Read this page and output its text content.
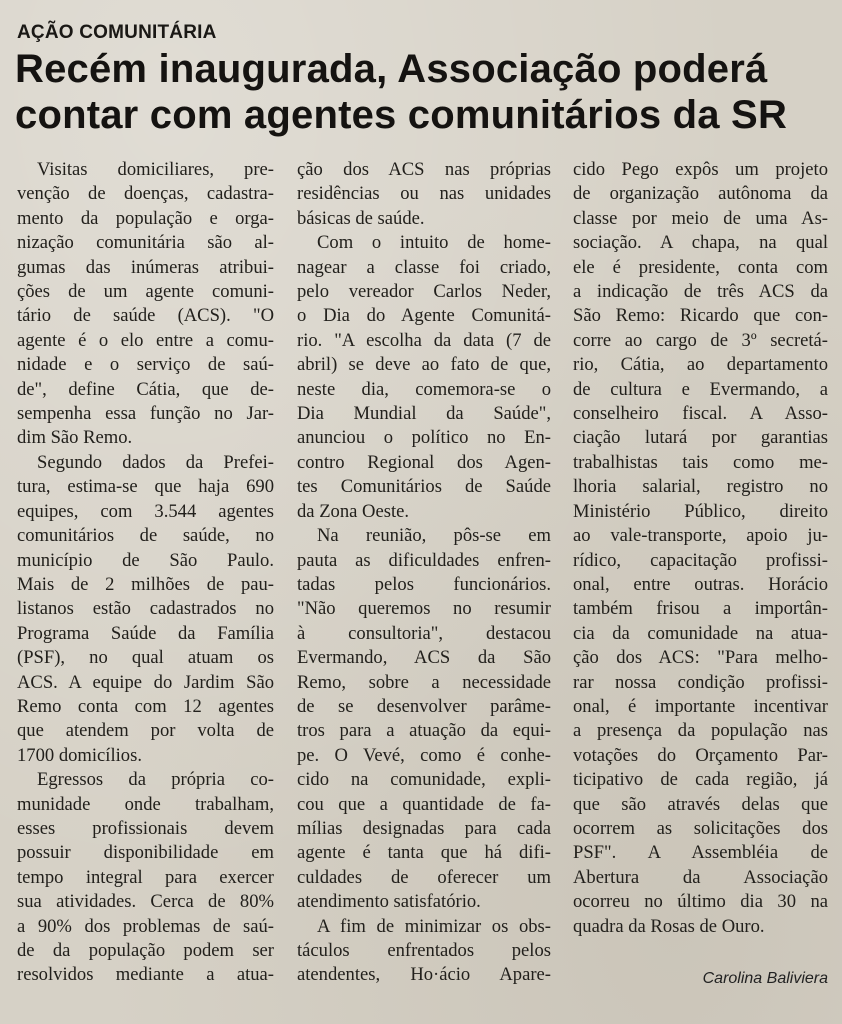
AÇÃO COMUNITÁRIA
Recém inaugurada, Associação poderá
contar com agentes comunitários da SR
Visitas domiciliares, pre-
venção de doenças, cadastra-
mento da população e orga-
nização comunitária são al-
gumas das inúmeras atribui-
ções de um agente comuni-
tário de saúde (ACS). "O
agente é o elo entre a comu-
nidade e o serviço de saú-
de", define Cátia, que de-
sempenha essa função no Jar-
dim São Remo.
Segundo dados da Prefei-
tura, estima-se que haja 690
equipes, com 3.544 agentes
comunitários de saúde, no
município de São Paulo.
Mais de 2 milhões de pau-
listanos estão cadastrados no
Programa Saúde da Família
(PSF), no qual atuam os
ACS. A equipe do Jardim São
Remo conta com 12 agentes
que atendem por volta de
1700 domicílios.
Egressos da própria co-
munidade onde trabalham,
esses profissionais devem
possuir disponibilidade em
tempo integral para exercer
sua atividades. Cerca de 80%
a 90% dos problemas de saú-
de da população podem ser
resolvidos mediante a atua-
ção dos ACS nas próprias
residências ou nas unidades
básicas de saúde.
Com o intuito de home-
nagear a classe foi criado,
pelo vereador Carlos Neder,
o Dia do Agente Comunitá-
rio. "A escolha da data (7 de
abril) se deve ao fato de que,
neste dia, comemora-se o
Dia Mundial da Saúde",
anunciou o político no En-
contro Regional dos Agen-
tes Comunitários de Saúde
da Zona Oeste.
Na reunião, pôs-se em
pauta as dificuldades enfren-
tadas pelos funcionários.
"Não queremos no resumir
à consultoria", destacou
Evermando, ACS da São
Remo, sobre a necessidade
de se desenvolver parâme-
tros para a atuação da equi-
pe. O Vevé, como é conhe-
cido na comunidade, expli-
cou que a quantidade de fa-
mílias designadas para cada
agente é tanta que há difi-
culdades de oferecer um
atendimento satisfatório.
A fim de minimizar os obs-
táculos enfrentados pelos
atendentes, Ho·ácio Apare-
cido Pego expôs um projeto
de organização autônoma da
classe por meio de uma As-
sociação. A chapa, na qual
ele é presidente, conta com
a indicação de três ACS da
São Remo: Ricardo que con-
corre ao cargo de 3º secretá-
rio, Cátia, ao departamento
de cultura e Evermando, a
conselheiro fiscal. A Asso-
ciação lutará por garantias
trabalhistas tais como me-
lhoria salarial, registro no
Ministério Público, direito
ao vale-transporte, apoio ju-
rídico, capacitação profissi-
onal, entre outras. Horácio
também frisou a importân-
cia da comunidade na atua-
ção dos ACS: "Para melho-
rar nossa condição profissi-
onal, é importante incentivar
a presença da população nas
votações do Orçamento Par-
ticipativo de cada região, já
que são através delas que
ocorrem as solicitações dos
PSF". A Assembléia de
Abertura da Associação
ocorreu no último dia 30 na
quadra da Rosas de Ouro.
Carolina Baliviera
